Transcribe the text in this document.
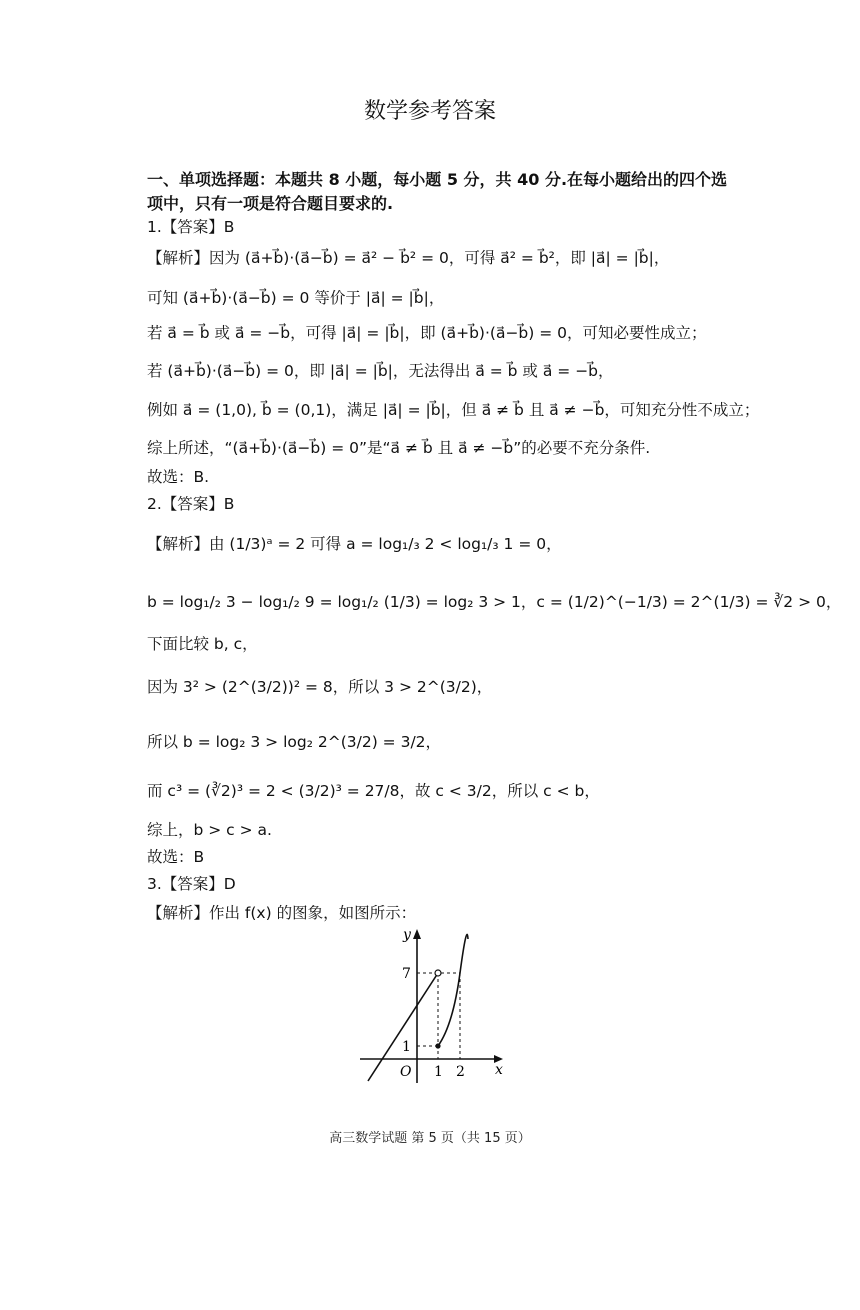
数学参考答案
一、单项选择题：本题共 8 小题，每小题 5 分，共 40 分.在每小题给出的四个选项中，只有一项是符合题目要求的.
1.【答案】B
【解析】因为 (a⃗+b⃗)·(a⃗−b⃗) = a⃗² − b⃗² = 0，可得 a⃗² = b⃗²，即 |a⃗| = |b⃗|，
可知 (a⃗+b⃗)·(a⃗−b⃗) = 0 等价于 |a⃗| = |b⃗|，
若 a⃗ = b⃗ 或 a⃗ = −b⃗，可得 |a⃗| = |b⃗|，即 (a⃗+b⃗)·(a⃗−b⃗) = 0，可知必要性成立；
若 (a⃗+b⃗)·(a⃗−b⃗) = 0，即 |a⃗| = |b⃗|，无法得出 a⃗ = b⃗ 或 a⃗ = −b⃗，
例如 a⃗ = (1,0), b⃗ = (0,1)，满足 |a⃗| = |b⃗|，但 a⃗ ≠ b⃗ 且 a⃗ ≠ −b⃗，可知充分性不成立；
综上所述，“(a⃗+b⃗)·(a⃗−b⃗) = 0”是“a⃗ ≠ b⃗ 且 a⃗ ≠ −b⃗”的必要不充分条件.
故选：B.
2.【答案】B
【解析】由 (1/3)ᵃ = 2 可得 a = log₁/₃ 2 < log₁/₃ 1 = 0，
b = log₁/₂ 3 − log₁/₂ 9 = log₁/₂ (1/3) = log₂ 3 > 1，c = (1/2)^(−1/3) = 2^(1/3) = ∛2 > 0，
下面比较 b, c，
因为 3² > (2^(3/2))² = 8，所以 3 > 2^(3/2)，
所以 b = log₂ 3 > log₂ 2^(3/2) = 3/2，
而 c³ = (∛2)³ = 2 < (3/2)³ = 27/8，故 c < 3/2，所以 c < b，
综上，b > c > a.
故选：B
3.【答案】D
【解析】作出 f(x) 的图象，如图所示：
y
x
O 1 2
1
7
高三数学试题 第 5 页（共 15 页）
